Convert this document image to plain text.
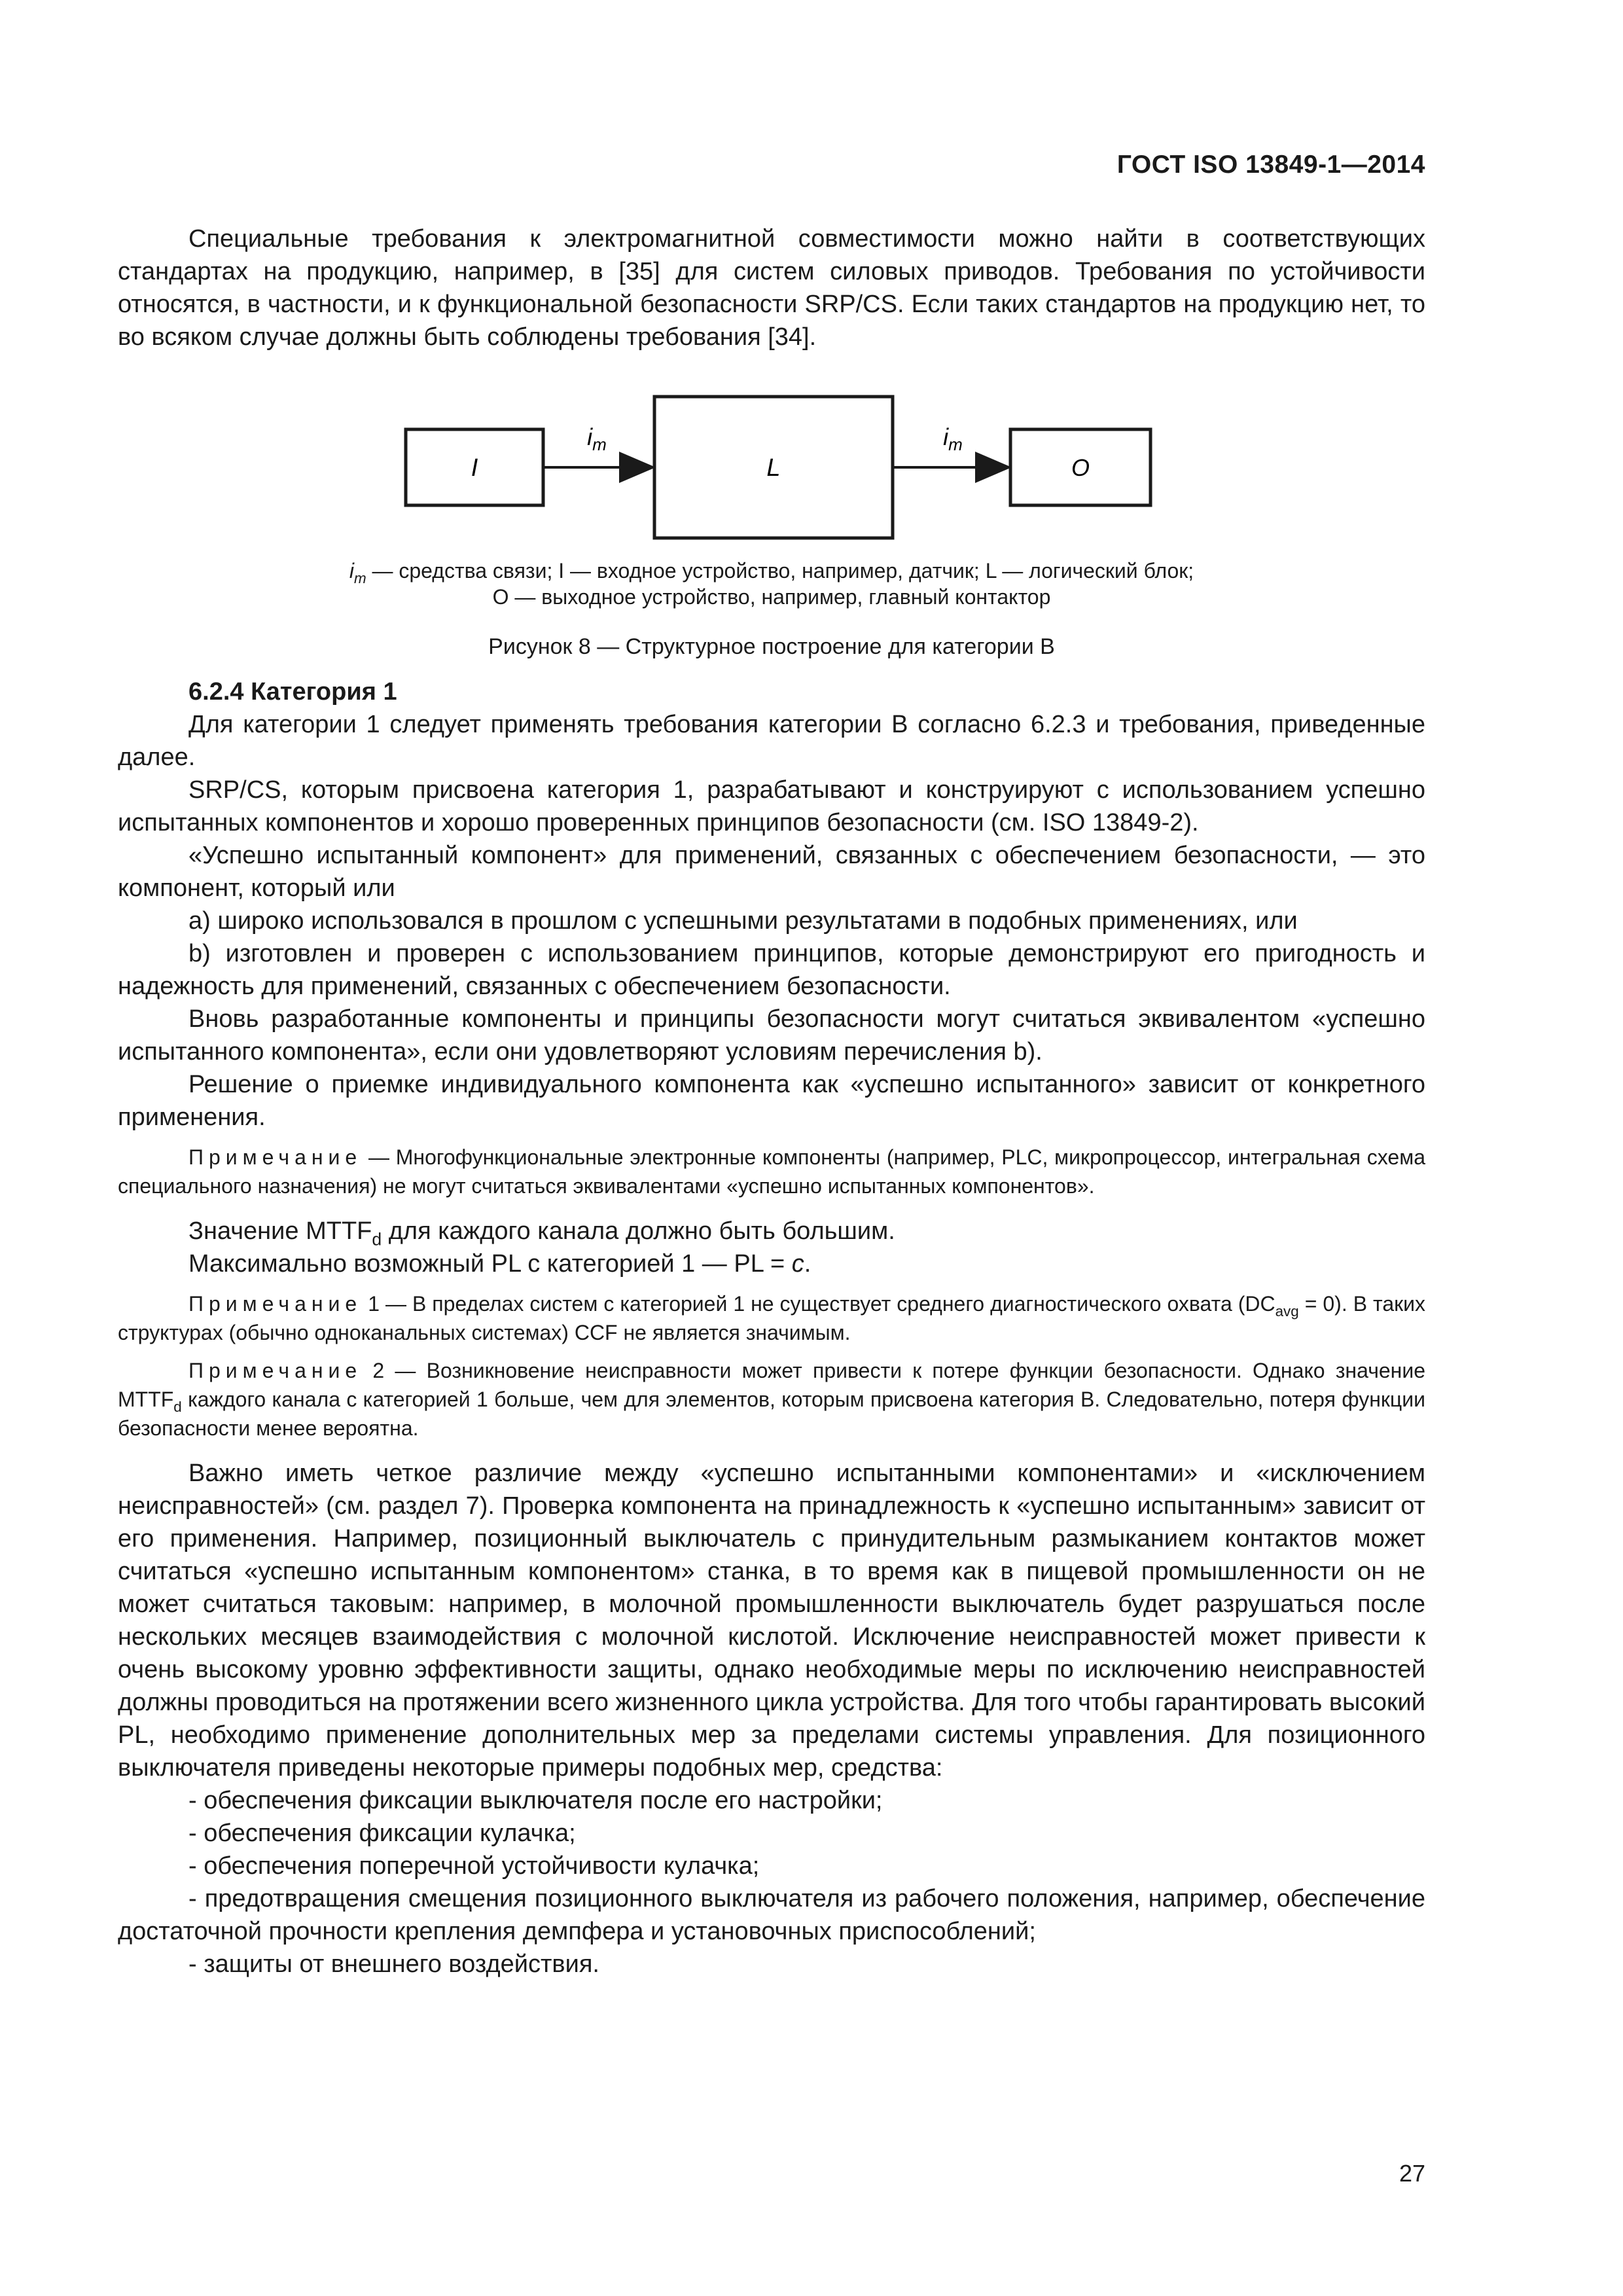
ГОСТ ISO 13849-1—2014

Специальные требования к электромагнитной совместимости можно найти в соответствующих стандартах на продукцию, например, в [35] для систем силовых приводов. Требования по устойчивости относятся, в частности, и к функциональной безопасности SRP/CS. Если таких стандартов на продукцию нет, то во всяком случае должны быть соблюдены требования [34].

I
$i_m$
L
$i_m$
O
$i_m$ — средства связи; I — входное устройство, например, датчик; L — логический блок;
O — выходное устройство, например, главный контактор
Рисунок 8 — Структурное построение для категории В

6.2.4 Категория 1

Для категории 1 следует применять требования категории В согласно 6.2.3 и требования, приведенные далее.

SRP/CS, которым присвоена категория 1, разрабатывают и конструируют с использованием успешно испытанных компонентов и хорошо проверенных принципов безопасности (см. ISO 13849-2).

«Успешно испытанный компонент» для применений, связанных с обеспечением безопасности, — это компонент, который или

а) широко использовался в прошлом с успешными результатами в подобных применениях, или

b) изготовлен и проверен с использованием принципов, которые демонстрируют его пригодность и надежность для применений, связанных с обеспечением безопасности.

Вновь разработанные компоненты и принципы безопасности могут считаться эквивалентом «успешно испытанного компонента», если они удовлетворяют условиям перечисления b).

Решение о приемке индивидуального компонента как «успешно испытанного» зависит от конкретного применения.

Примечание — Многофункциональные электронные компоненты (например, PLC, микропроцессор, интегральная схема специального назначения) не могут считаться эквивалентами «успешно испытанных компонентов».

Значение $MTTF_d$ для каждого канала должно быть большим.

Максимально возможный PL с категорией 1 — PL = c.

Примечание 1 — В пределах систем с категорией 1 не существует среднего диагностического охвата $(DC_{avg} = 0)$. В таких структурах (обычно одноканальных системах) CCF не является значимым.

Примечание 2 — Возникновение неисправности может привести к потере функции безопасности. Однако значение $MTTF_d$ каждого канала с категорией 1 больше, чем для элементов, которым присвоена категория В. Следовательно, потеря функции безопасности менее вероятна.

Важно иметь четкое различие между «успешно испытанными компонентами» и «исключением неисправностей» (см. раздел 7). Проверка компонента на принадлежность к «успешно испытанным» зависит от его применения. Например, позиционный выключатель с принудительным размыканием контактов может считаться «успешно испытанным компонентом» станка, в то время как в пищевой промышленности он не может считаться таковым: например, в молочной промышленности выключатель будет разрушаться после нескольких месяцев взаимодействия с молочной кислотой. Исключение неисправностей может привести к очень высокому уровню эффективности защиты, однако необходимые меры по исключению неисправностей должны проводиться на протяжении всего жизненного цикла устройства. Для того чтобы гарантировать высокий PL, необходимо применение дополнительных мер за пределами системы управления. Для позиционного выключателя приведены некоторые примеры подобных мер, средства:

- обеспечения фиксации выключателя после его настройки;

- обеспечения фиксации кулачка;

- обеспечения поперечной устойчивости кулачка;

- предотвращения смещения позиционного выключателя из рабочего положения, например, обеспечение достаточной прочности крепления демпфера и установочных приспособлений;

- защиты от внешнего воздействия.

27
